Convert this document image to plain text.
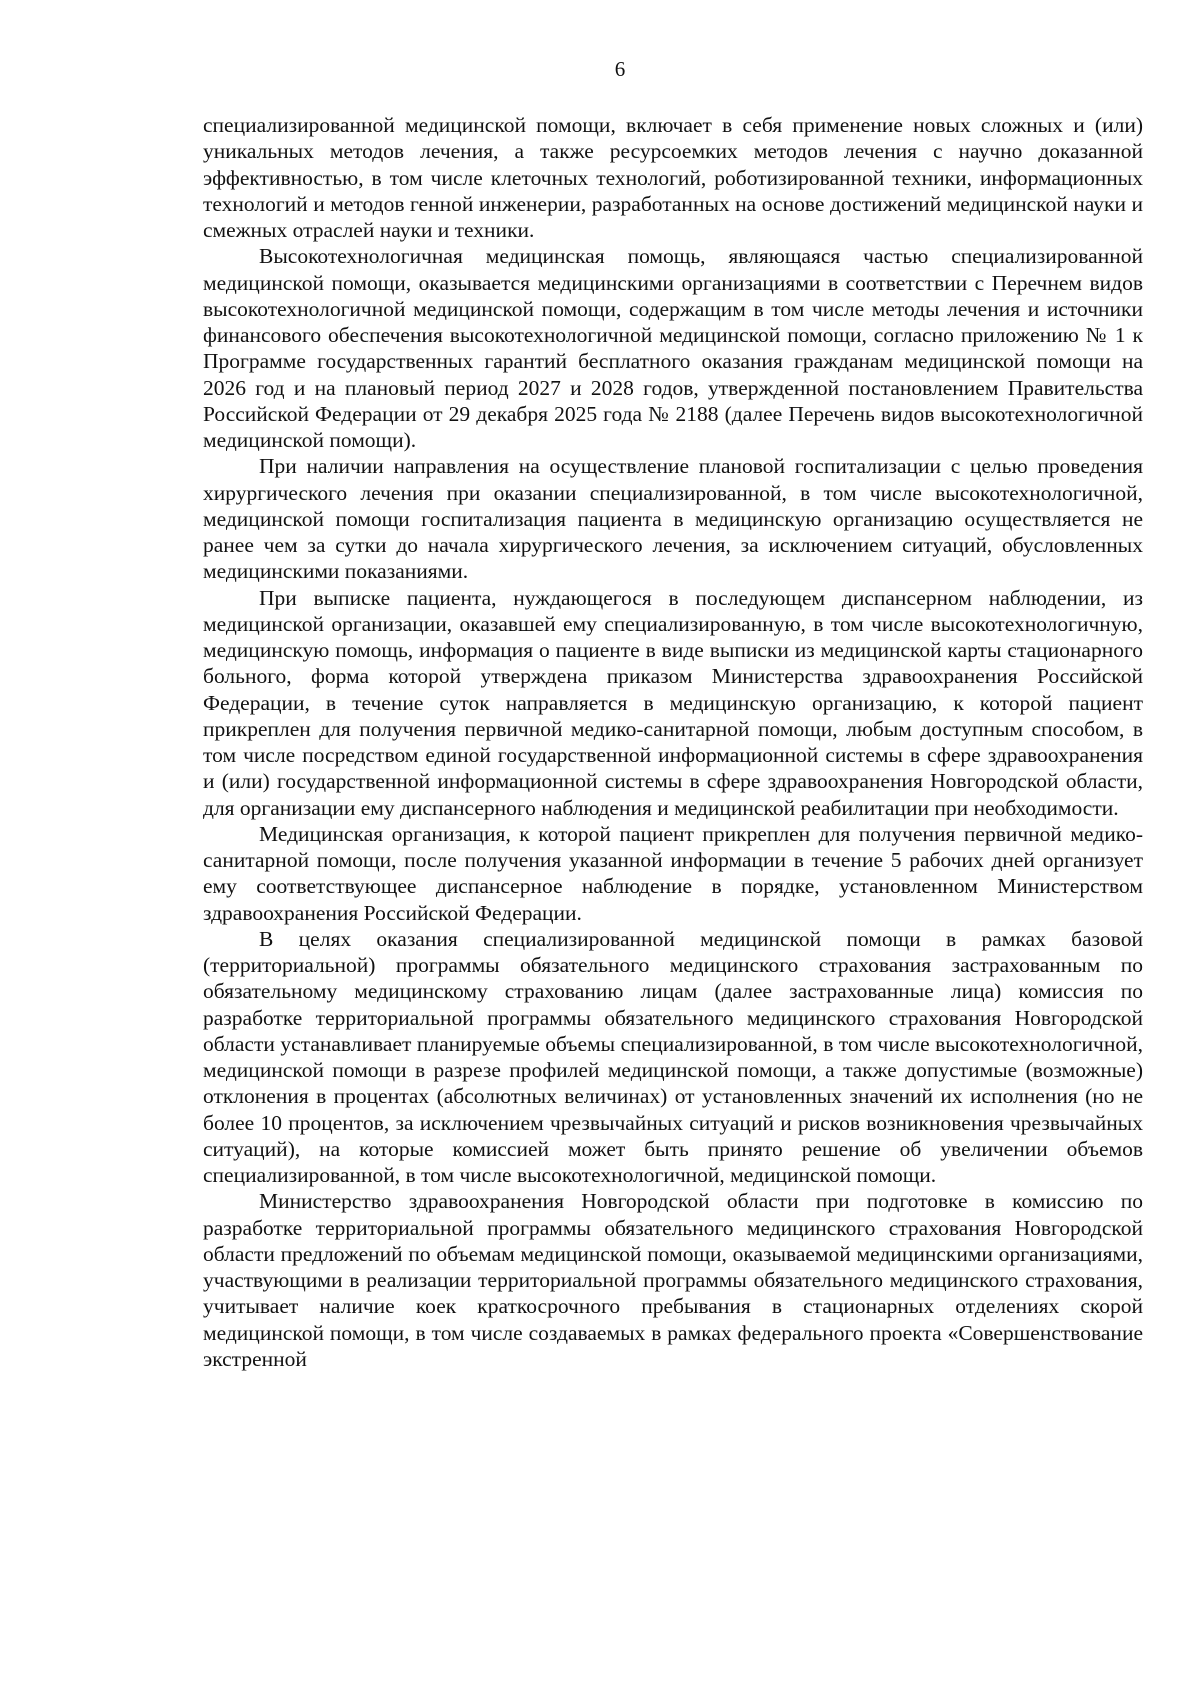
6

специализированной медицинской помощи, включает в себя применение новых сложных и (или) уникальных методов лечения, а также ресурсоемких методов лечения с научно доказанной эффективностью, в том числе клеточных технологий, роботизированной техники, информационных технологий и методов генной инженерии, разработанных на основе достижений медицинской науки и смежных отраслей науки и техники.

Высокотехнологичная медицинская помощь, являющаяся частью специализированной медицинской помощи, оказывается медицинскими организациями в соответствии с Перечнем видов высокотехнологичной медицинской помощи, содержащим в том числе методы лечения и источники финансового обеспечения высокотехнологичной медицинской помощи, согласно приложению № 1 к Программе государственных гарантий бесплатного оказания гражданам медицинской помощи на 2026 год и на плановый период 2027 и 2028 годов, утвержденной постановлением Правительства Российской Федерации от 29 декабря 2025 года № 2188 (далее Перечень видов высокотехнологичной медицинской помощи).

При наличии направления на осуществление плановой госпитализации с целью проведения хирургического лечения при оказании специализированной, в том числе высокотехнологичной, медицинской помощи госпитализация пациента в медицинскую организацию осуществляется не ранее чем за сутки до начала хирургического лечения, за исключением ситуаций, обусловленных медицинскими показаниями.

При выписке пациента, нуждающегося в последующем диспансерном наблюдении, из медицинской организации, оказавшей ему специализированную, в том числе высокотехнологичную, медицинскую помощь, информация о пациенте в виде выписки из медицинской карты стационарного больного, форма которой утверждена приказом Министерства здравоохранения Российской Федерации, в течение суток направляется в медицинскую организацию, к которой пациент прикреплен для получения первичной медико-санитарной помощи, любым доступным способом, в том числе посредством единой государственной информационной системы в сфере здравоохранения и (или) государственной информационной системы в сфере здравоохранения Новгородской области, для организации ему диспансерного наблюдения и медицинской реабилитации при необходимости.

Медицинская организация, к которой пациент прикреплен для получения первичной медико-санитарной помощи, после получения указанной информации в течение 5 рабочих дней организует ему соответствующее диспансерное наблюдение в порядке, установленном Министерством здравоохранения Российской Федерации.

В целях оказания специализированной медицинской помощи в рамках базовой (территориальной) программы обязательного медицинского страхования застрахованным по обязательному медицинскому страхованию лицам (далее застрахованные лица) комиссия по разработке территориальной программы обязательного медицинского страхования Новгородской области устанавливает планируемые объемы специализированной, в том числе высокотехнологичной, медицинской помощи в разрезе профилей медицинской помощи, а также допустимые (возможные) отклонения в процентах (абсолютных величинах) от установленных значений их исполнения (но не более 10 процентов, за исключением чрезвычайных ситуаций и рисков возникновения чрезвычайных ситуаций), на которые комиссией может быть принято решение об увеличении объемов специализированной, в том числе высокотехнологичной, медицинской помощи.

Министерство здравоохранения Новгородской области при подготовке в комиссию по разработке территориальной программы обязательного медицинского страхования Новгородской области предложений по объемам медицинской помощи, оказываемой медицинскими организациями, участвующими в реализации территориальной программы обязательного медицинского страхования, учитывает наличие коек краткосрочного пребывания в стационарных отделениях скорой медицинской помощи, в том числе создаваемых в рамках федерального проекта «Совершенствование экстренной
